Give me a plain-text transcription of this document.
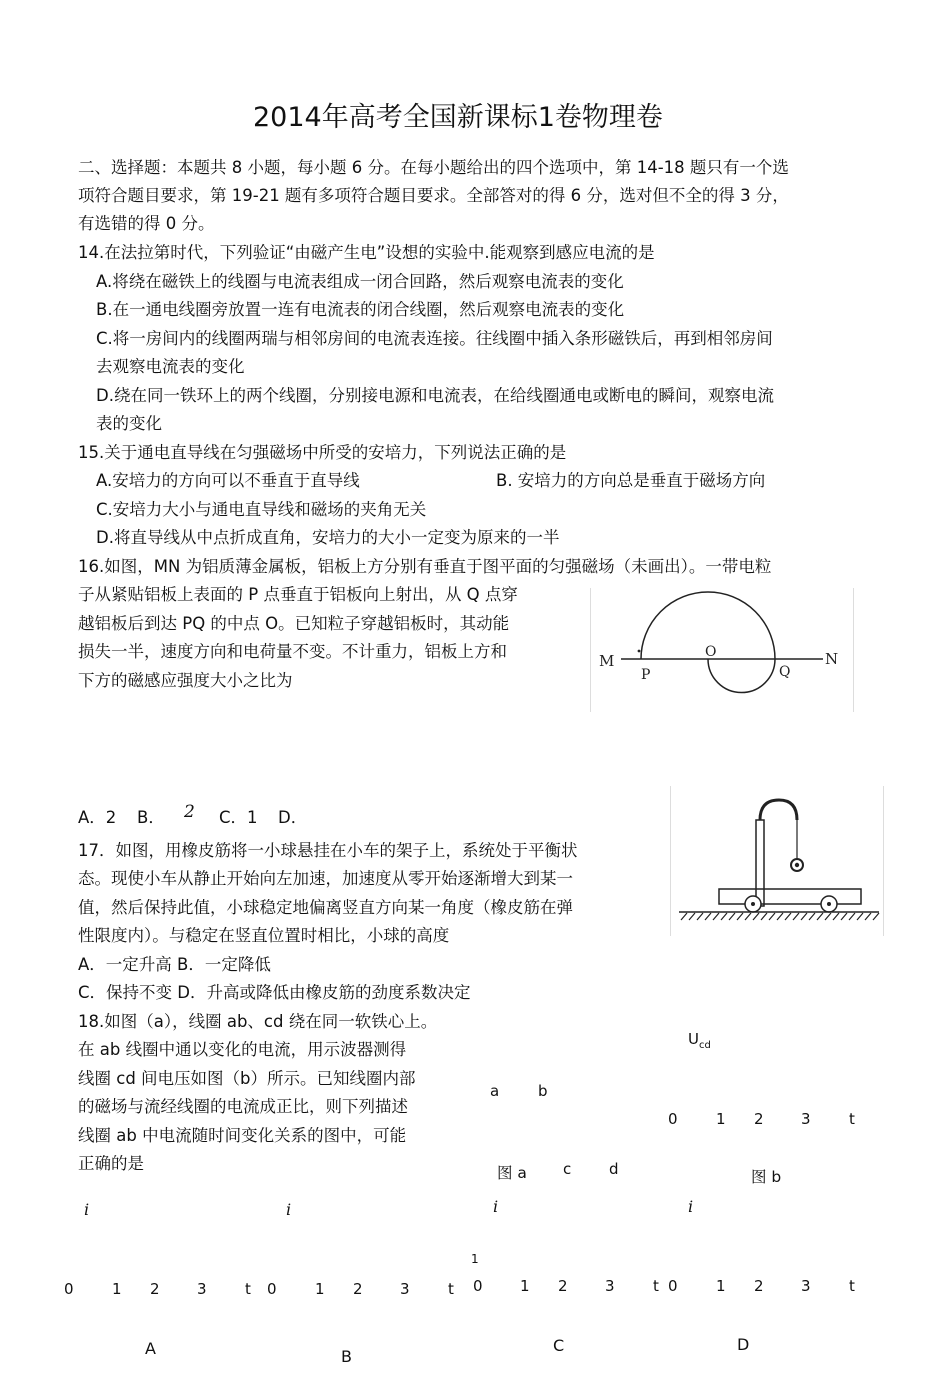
2014年高考全国新课标1卷物理卷
二、选择题：本题共 8 小题，每小题 6 分。在每小题给出的四个选项中，第 14-18 题只有一个选
项符合题目要求，第 19-21 题有多项符合题目要求。全部答对的得 6 分，选对但不全的得 3 分，
有选错的得 0 分。
14.在法拉第时代，下列验证“由磁产生电”设想的实验中.能观察到感应电流的是
A.将绕在磁铁上的线圈与电流表组成一闭合回路，然后观察电流表的变化
B.在一通电线圈旁放置一连有电流表的闭合线圈，然后观察电流表的变化
C.将一房间内的线圈两瑞与相邻房间的电流表连接。往线圈中插入条形磁铁后，再到相邻房间
去观察电流表的变化
D.绕在同一铁环上的两个线圈，分别接电源和电流表，在给线圈通电或断电的瞬间，观察电流
表的变化
15.关于通电直导线在匀强磁场中所受的安培力，下列说法正确的是
A.安培力的方向可以不垂直于直导线	B. 安培力的方向总是垂直于磁场方向
C.安培力大小与通电直导线和磁场的夹角无关
D.将直导线从中点折成直角，安培力的大小一定变为原来的一半
16.如图，MN 为铝质薄金属板，铝板上方分别有垂直于图平面的匀强磁场（未画出）。一带电粒
子从紧贴铝板上表面的 P 点垂直于铝板向上射出，从 Q 点穿
越铝板后到达 PQ 的中点 O。已知粒子穿越铝板时，其动能
损失一半，速度方向和电荷量不变。不计重力，铝板上方和
下方的磁感应强度大小之比为
M
P
O
Q
N
A．2 B． 2 C．1 D．
17．如图，用橡皮筋将一小球悬挂在小车的架子上，系统处于平衡状
态。现使小车从静止开始向左加速，加速度从零开始逐渐增大到某一
值，然后保持此值，小球稳定地偏离竖直方向某一角度（橡皮筋在弹
性限度内）。与稳定在竖直位置时相比，小球的高度
A．一定升高 B．一定降低
C．保持不变 D．升高或降低由橡皮筋的劲度系数决定
18.如图（a），线圈 ab、cd 绕在同一软铁心上。
在 ab 线圈中通以变化的电流，用示波器测得
线圈 cd 间电压如图（b）所示。已知线圈内部
的磁场与流经线圈的电流成正比，则下列描述
线圈 ab 中电流随时间变化关系的图中，可能
正确的是
a	b
c	d
图 a
$U_{cd}$
0	1 2 3	t
图 b
i	i	i	i
1
0	1 2 3	t 0	1 2 3	t 0 1 2 3	t 0	1 2 3	t
A	B
C	D
